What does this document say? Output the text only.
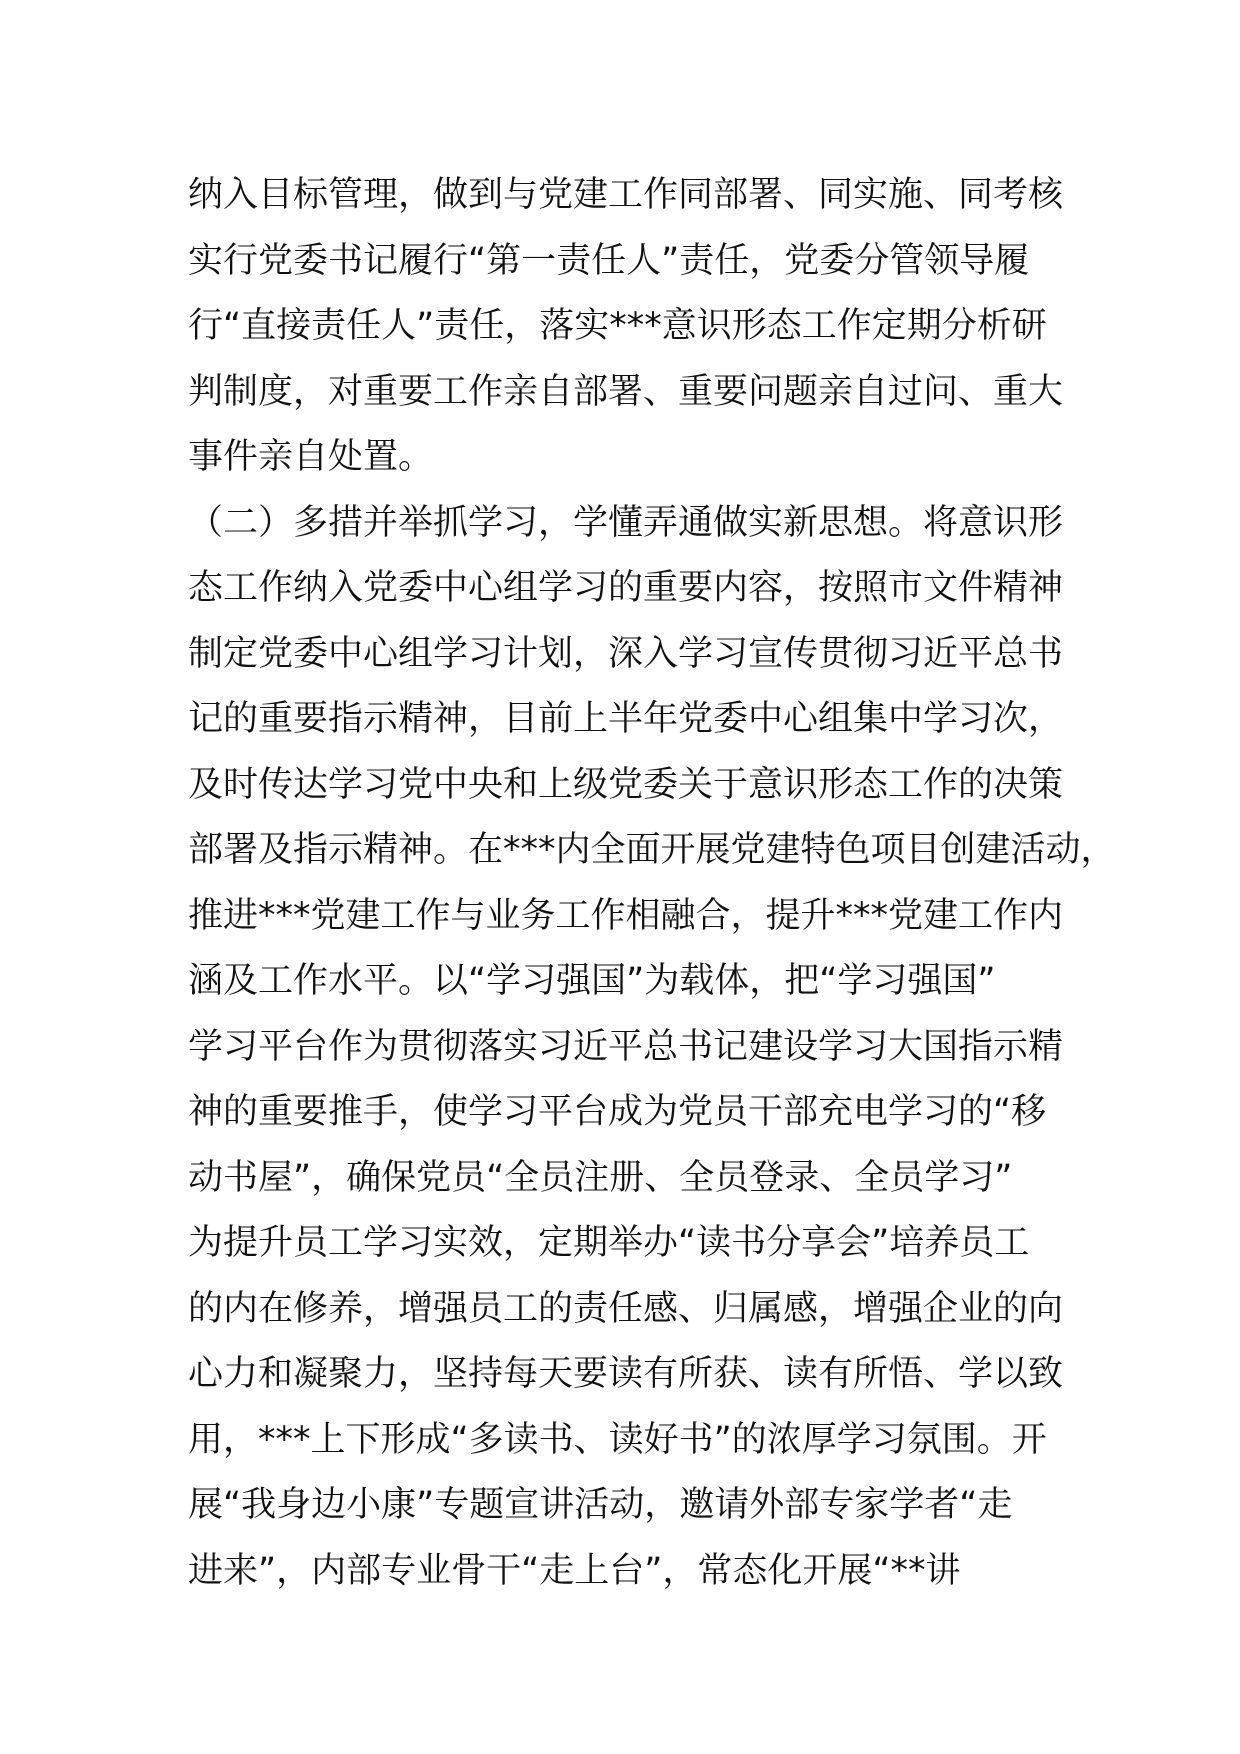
纳入目标管理，做到与党建工作同部署、同实施、同考核
实行党委书记履行“第一责任人”责任，党委分管领导履
行“直接责任人”责任，落实***意识形态工作定期分析研
判制度，对重要工作亲自部署、重要问题亲自过问、重大
事件亲自处置。
（二）多措并举抓学习，学懂弄通做实新思想。将意识形
态工作纳入党委中心组学习的重要内容，按照市文件精神
制定党委中心组学习计划，深入学习宣传贯彻习近平总书
记的重要指示精神，目前上半年党委中心组集中学习次，
及时传达学习党中央和上级党委关于意识形态工作的决策
部署及指示精神。在***内全面开展党建特色项目创建活动，
推进***党建工作与业务工作相融合，提升***党建工作内
涵及工作水平。以“学习强国”为载体，把“学习强国”
学习平台作为贯彻落实习近平总书记建设学习大国指示精
神的重要推手，使学习平台成为党员干部充电学习的“移
动书屋”，确保党员“全员注册、全员登录、全员学习”
为提升员工学习实效，定期举办“读书分享会”培养员工
的内在修养，增强员工的责任感、归属感，增强企业的向
心力和凝聚力，坚持每天要读有所获、读有所悟、学以致
用，***上下形成“多读书、读好书”的浓厚学习氛围。开
展“我身边小康”专题宣讲活动，邀请外部专家学者“走
进来”，内部专业骨干“走上台”，常态化开展“**讲
